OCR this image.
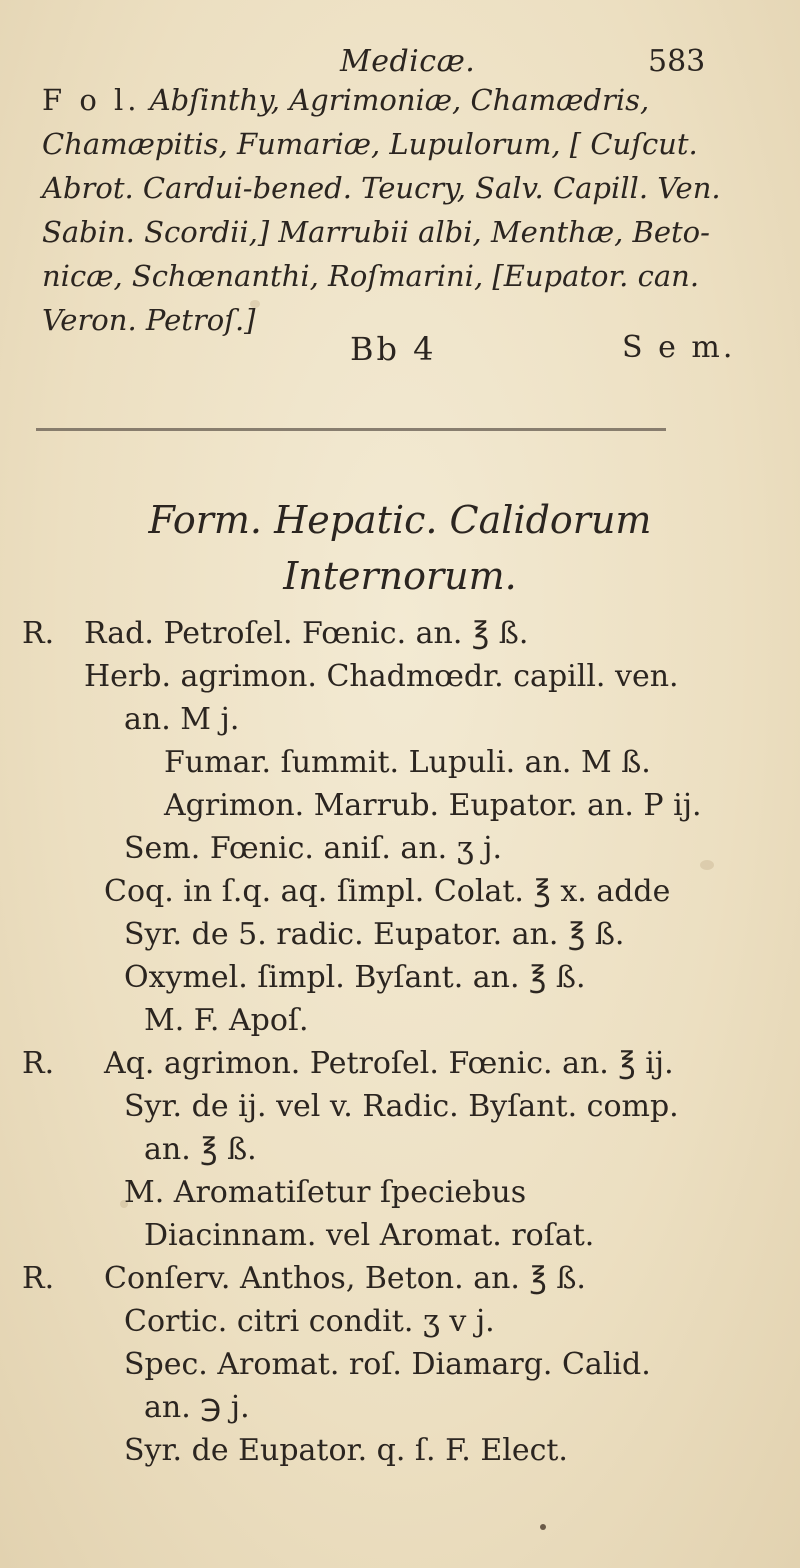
Medicæ.	583
F o l. Abſinthy, Agrimoniæ, Chamædris,
Chamæpitis, Fumariæ, Lupulorum, [ Cuſcut.
Abrot. Cardui-bened. Teucry, Salv. Capill. Ven.
Sabin. Scordii,] Marrubii albi, Menthæ, Beto-
nicæ, Schœnanthi, Roſmarini, [Eupator. can.
Veron. Petroſ.]
Bb 4	S e m.
Form. Hepatic. Calidorum
Internorum.
R. Rad. Petroſel. Fœnic. an. ℥ ß.
Herb. agrimon. Chadmœdr. capill. ven.
an. M j.
Fumar. ſummit. Lupuli. an. M ß.
Agrimon. Marrub. Eupator. an. P ij.
Sem. Fœnic. aniſ. an. ʒ j.
Coq. in ſ.q. aq. ſimpl. Colat. ℥ x. adde
Syr. de 5. radic. Eupator. an. ℥ ß.
Oxymel. ſimpl. Byſant. an. ℥ ß.
M. F. Apoſ.
R. Aq. agrimon. Petroſel. Fœnic. an. ℥ ij.
Syr. de ij. vel v. Radic. Byſant. comp.
an. ℥ ß.
M. Aromatiſetur ſpeciebus
Diacinnam. vel Aromat. roſat.
R. Conſerv. Anthos, Beton. an. ℥ ß.
Cortic. citri condit. ʒ v j.
Spec. Aromat. roſ. Diamarg. Calid.
an. ℈ j.
Syr. de Eupator. q. ſ. F. Elect.
